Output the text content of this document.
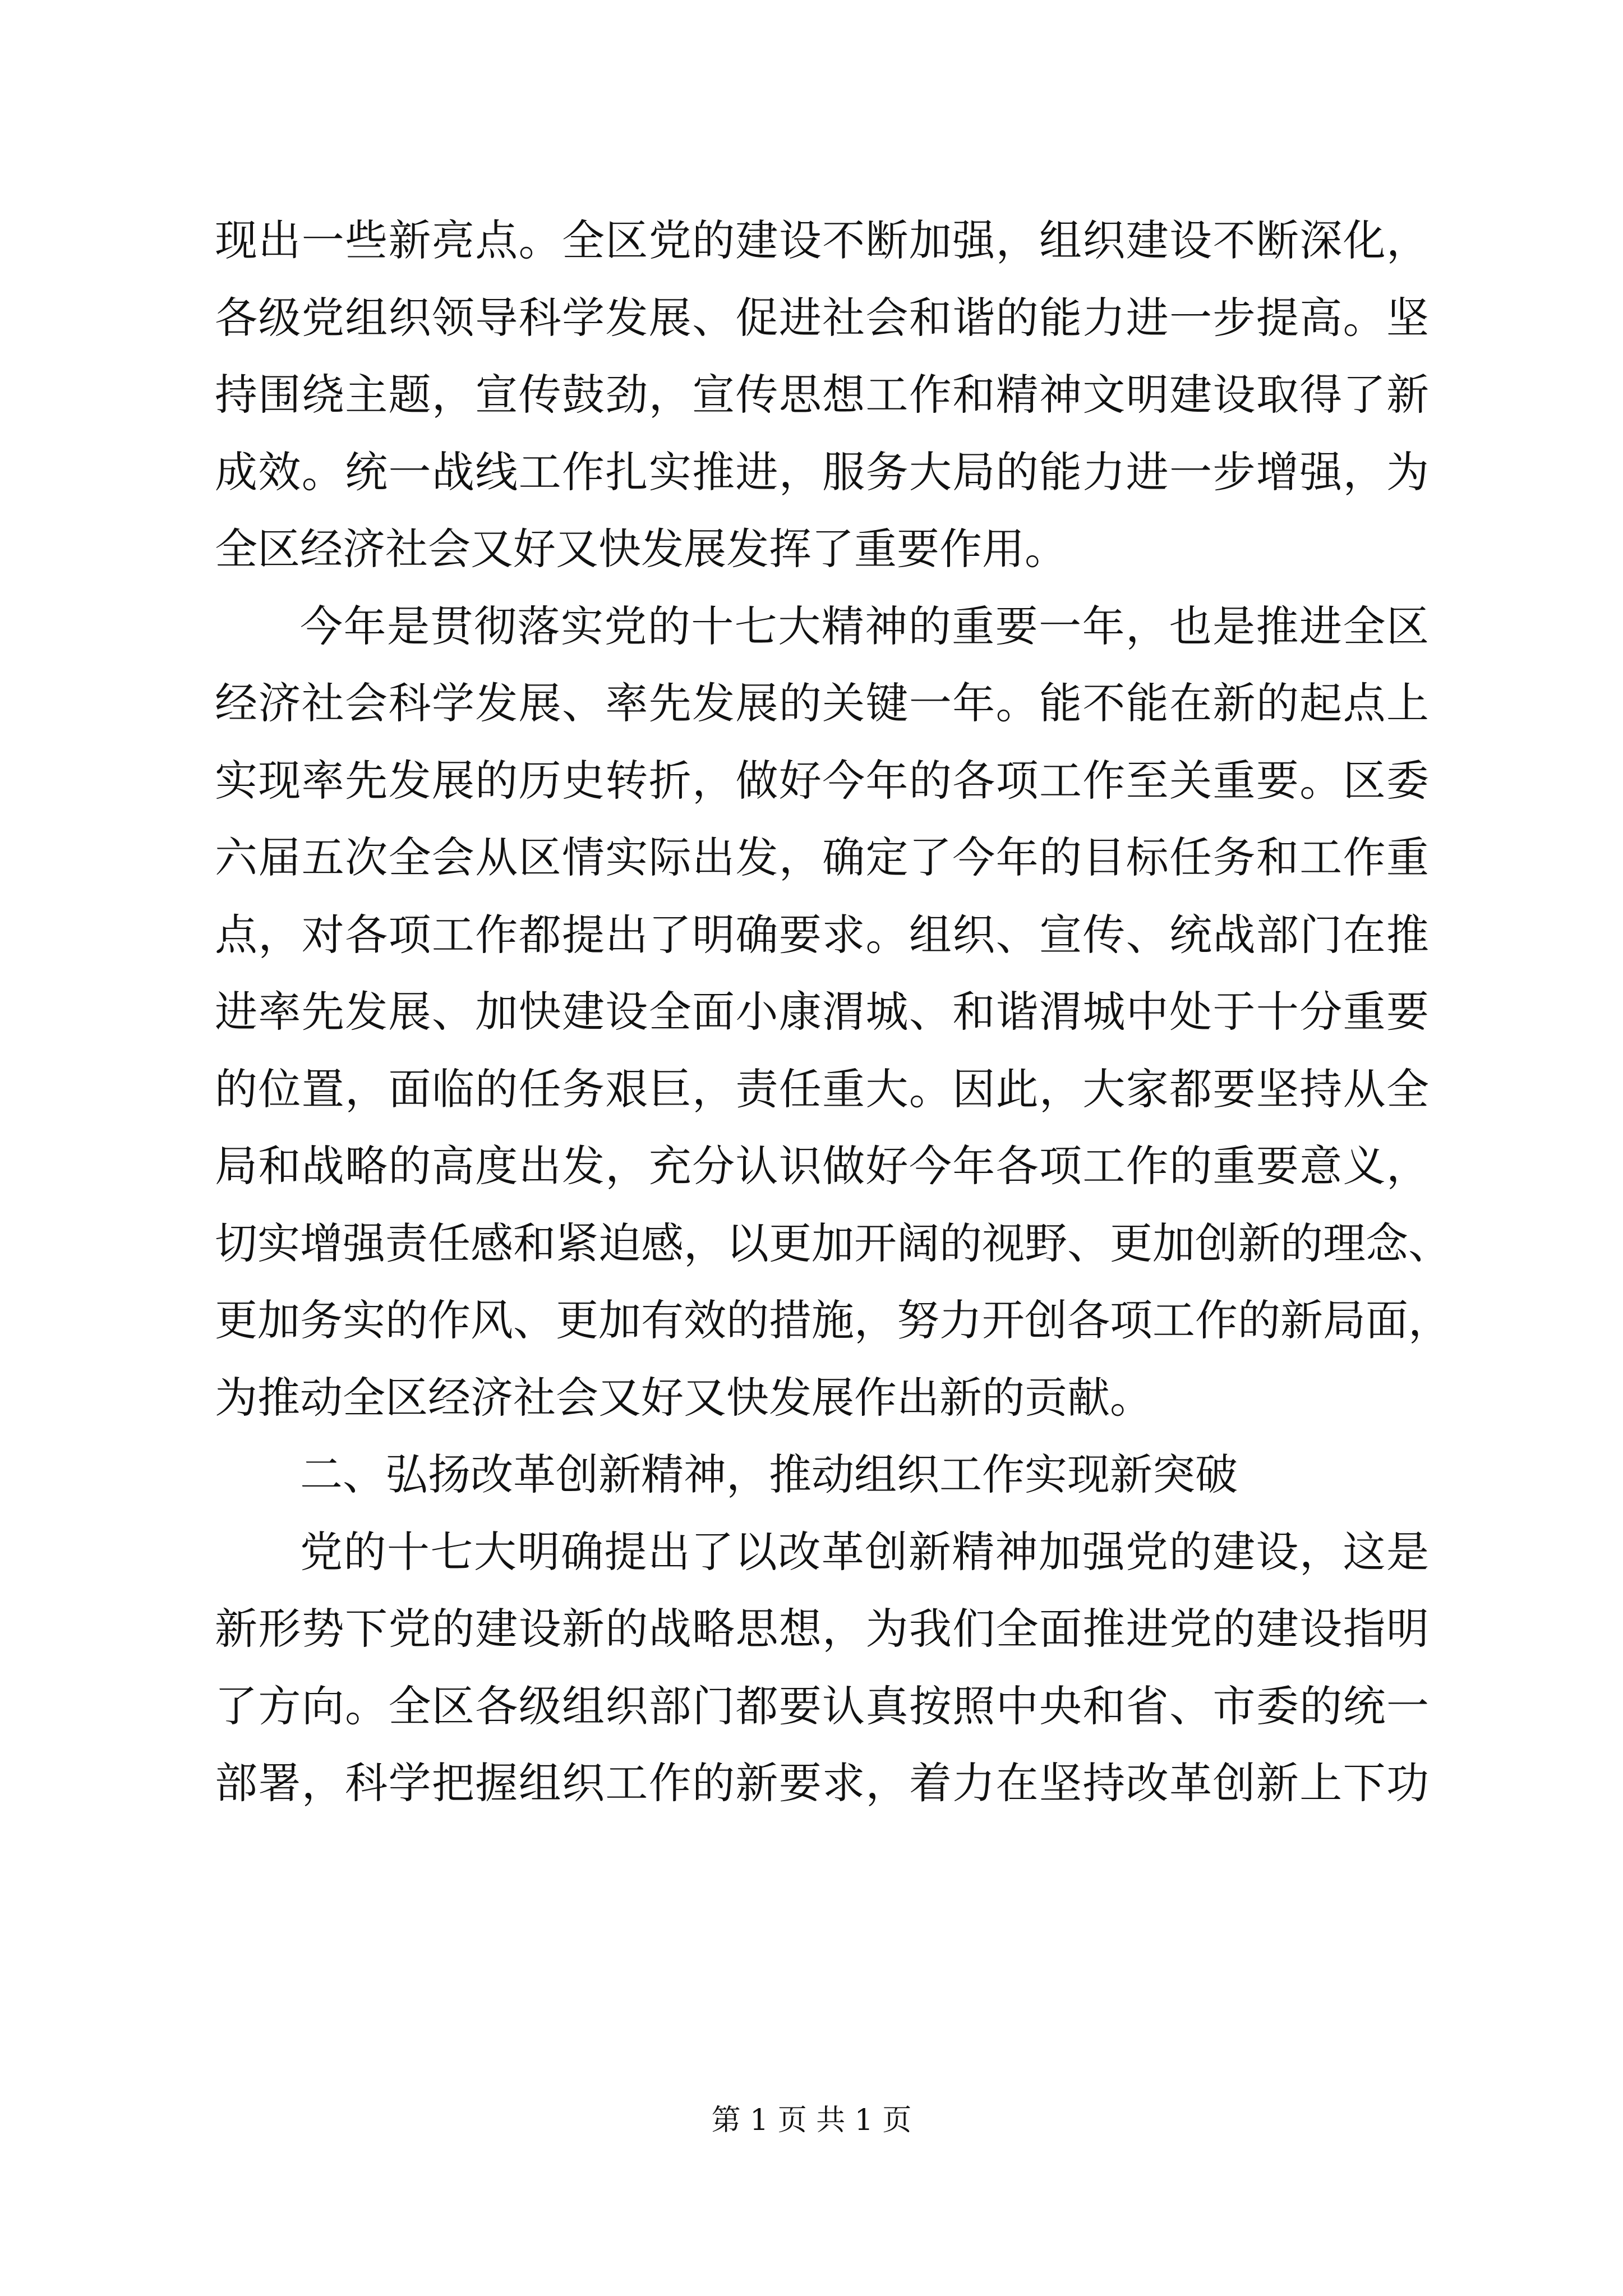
现出一些新亮点。全区党的建设不断加强，组织建设不断深化，
各级党组织领导科学发展、促进社会和谐的能力进一步提高。坚
持围绕主题，宣传鼓劲，宣传思想工作和精神文明建设取得了新
成效。统一战线工作扎实推进，服务大局的能力进一步增强，为
全区经济社会又好又快发展发挥了重要作用。
今年是贯彻落实党的十七大精神的重要一年，也是推进全区
经济社会科学发展、率先发展的关键一年。能不能在新的起点上
实现率先发展的历史转折，做好今年的各项工作至关重要。区委
六届五次全会从区情实际出发，确定了今年的目标任务和工作重
点，对各项工作都提出了明确要求。组织、宣传、统战部门在推
进率先发展、加快建设全面小康渭城、和谐渭城中处于十分重要
的位置，面临的任务艰巨，责任重大。因此，大家都要坚持从全
局和战略的高度出发，充分认识做好今年各项工作的重要意义，
切实增强责任感和紧迫感，以更加开阔的视野、更加创新的理念、
更加务实的作风、更加有效的措施，努力开创各项工作的新局面，
为推动全区经济社会又好又快发展作出新的贡献。
二、弘扬改革创新精神，推动组织工作实现新突破
党的十七大明确提出了以改革创新精神加强党的建设，这是
新形势下党的建设新的战略思想，为我们全面推进党的建设指明
了方向。全区各级组织部门都要认真按照中央和省、市委的统一
部署，科学把握组织工作的新要求，着力在坚持改革创新上下功
第 1 页 共 1 页
